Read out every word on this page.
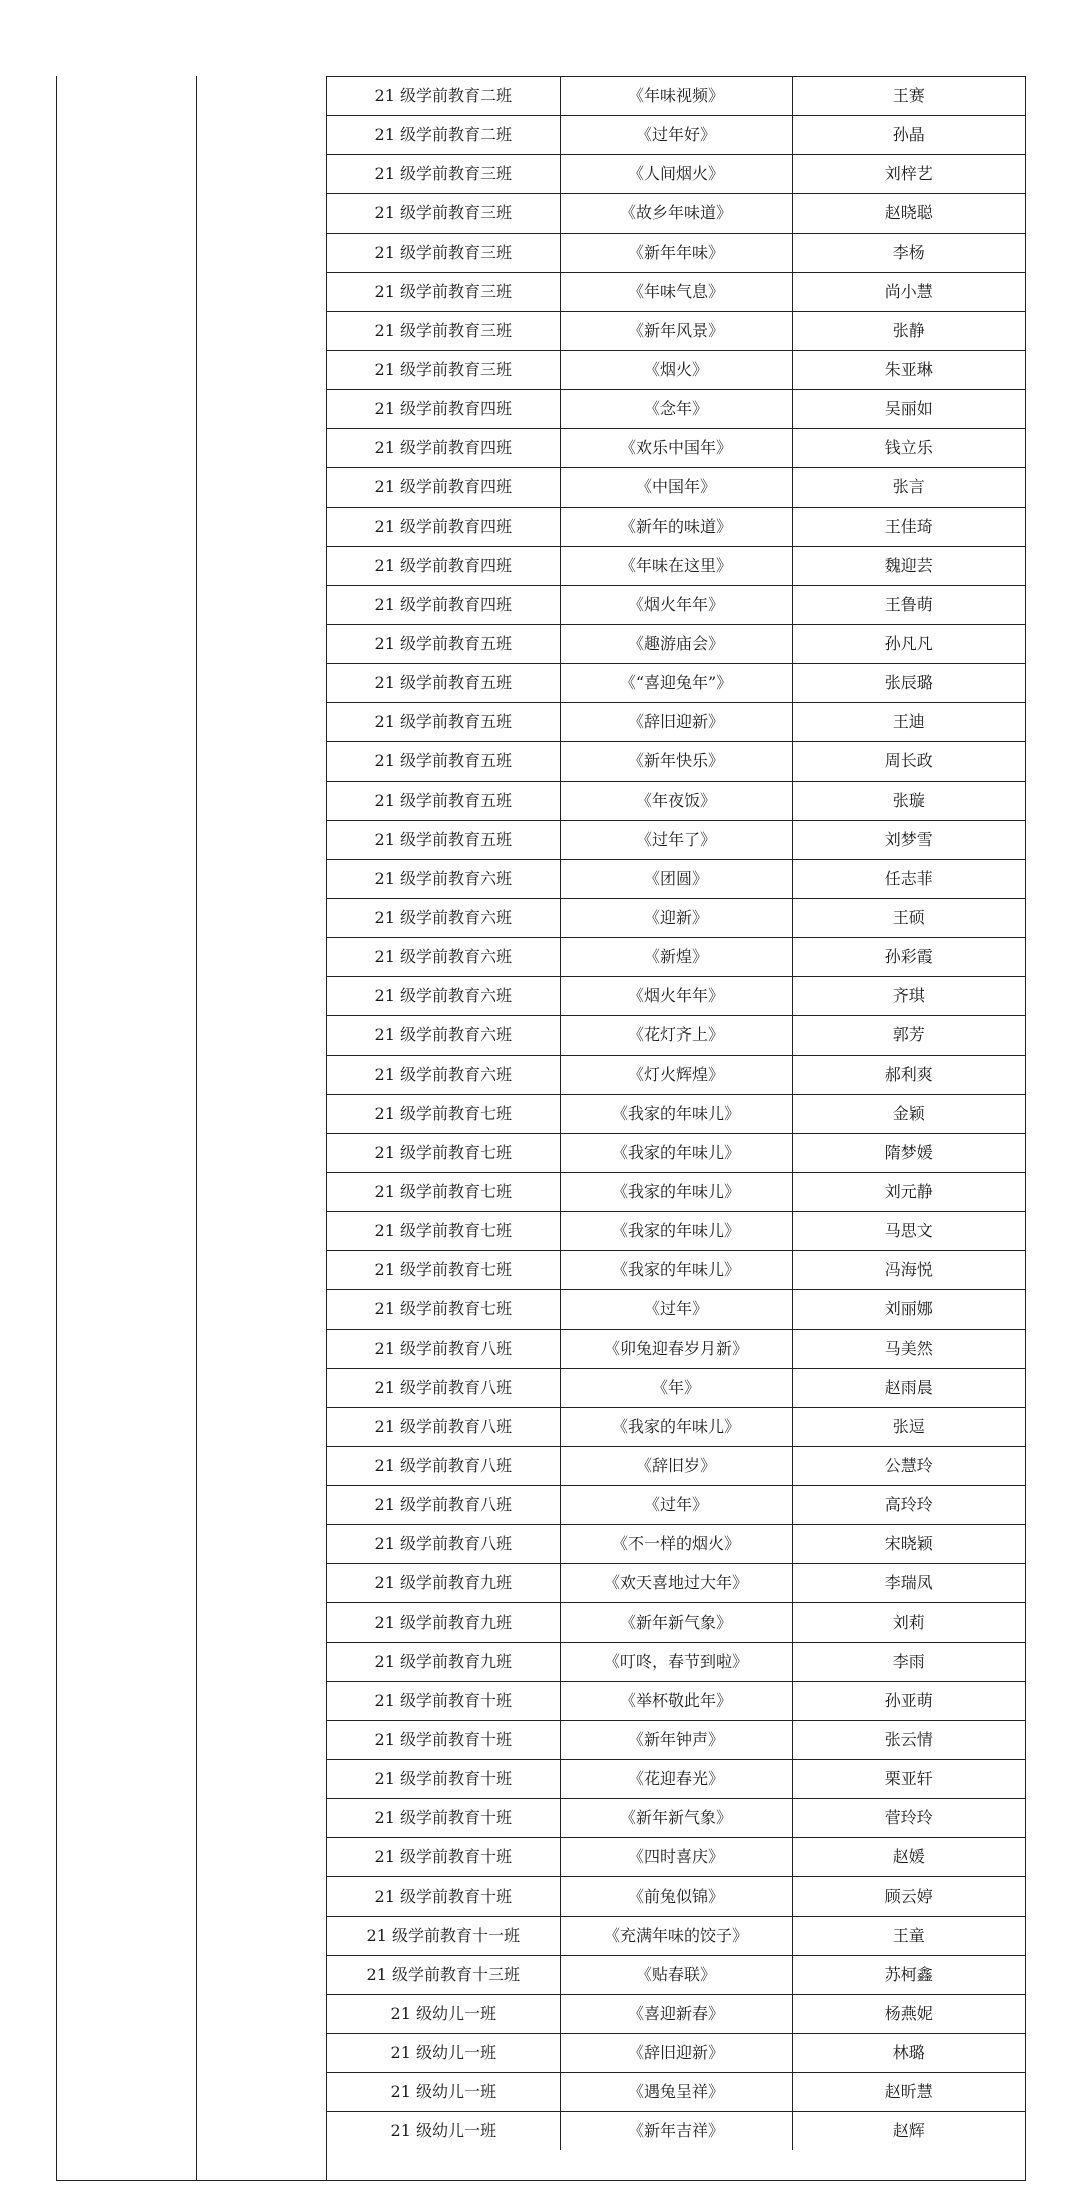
21 级学前教育二班	《年味视频》	王赛
21 级学前教育二班	《过年好》	孙晶
21 级学前教育三班	《人间烟火》	刘梓艺
21 级学前教育三班	《故乡年味道》	赵晓聪
21 级学前教育三班	《新年年味》	李杨
21 级学前教育三班	《年味气息》	尚小慧
21 级学前教育三班	《新年风景》	张静
21 级学前教育三班	《烟火》	朱亚琳
21 级学前教育四班	《念年》	吴丽如
21 级学前教育四班	《欢乐中国年》	钱立乐
21 级学前教育四班	《中国年》	张言
21 级学前教育四班	《新年的味道》	王佳琦
21 级学前教育四班	《年味在这里》	魏迎芸
21 级学前教育四班	《烟火年年》	王鲁萌
21 级学前教育五班	《趣游庙会》	孙凡凡
21 级学前教育五班	《“喜迎兔年”》	张辰璐
21 级学前教育五班	《辞旧迎新》	王迪
21 级学前教育五班	《新年快乐》	周长政
21 级学前教育五班	《年夜饭》	张璇
21 级学前教育五班	《过年了》	刘梦雪
21 级学前教育六班	《团圆》	任志菲
21 级学前教育六班	《迎新》	王硕
21 级学前教育六班	《新煌》	孙彩霞
21 级学前教育六班	《烟火年年》	齐琪
21 级学前教育六班	《花灯齐上》	郭芳
21 级学前教育六班	《灯火辉煌》	郝利爽
21 级学前教育七班	《我家的年味儿》	金颖
21 级学前教育七班	《我家的年味儿》	隋梦媛
21 级学前教育七班	《我家的年味儿》	刘元静
21 级学前教育七班	《我家的年味儿》	马思文
21 级学前教育七班	《我家的年味儿》	冯海悦
21 级学前教育七班	《过年》	刘丽娜
21 级学前教育八班	《卯兔迎春岁月新》	马美然
21 级学前教育八班	《年》	赵雨晨
21 级学前教育八班	《我家的年味儿》	张逗
21 级学前教育八班	《辞旧岁》	公慧玲
21 级学前教育八班	《过年》	高玲玲
21 级学前教育八班	《不一样的烟火》	宋晓颖
21 级学前教育九班	《欢天喜地过大年》	李瑞凤
21 级学前教育九班	《新年新气象》	刘莉
21 级学前教育九班	《叮咚，春节到啦》	李雨
21 级学前教育十班	《举杯敬此年》	孙亚萌
21 级学前教育十班	《新年钟声》	张云情
21 级学前教育十班	《花迎春光》	栗亚轩
21 级学前教育十班	《新年新气象》	菅玲玲
21 级学前教育十班	《四时喜庆》	赵媛
21 级学前教育十班	《前兔似锦》	顾云婷
21 级学前教育十一班	《充满年味的饺子》	王童
21 级学前教育十三班	《贴春联》	苏柯鑫
21 级幼儿一班	《喜迎新春》	杨燕妮
21 级幼儿一班	《辞旧迎新》	林璐
21 级幼儿一班	《遇兔呈祥》	赵昕慧
21 级幼儿一班	《新年吉祥》	赵辉
